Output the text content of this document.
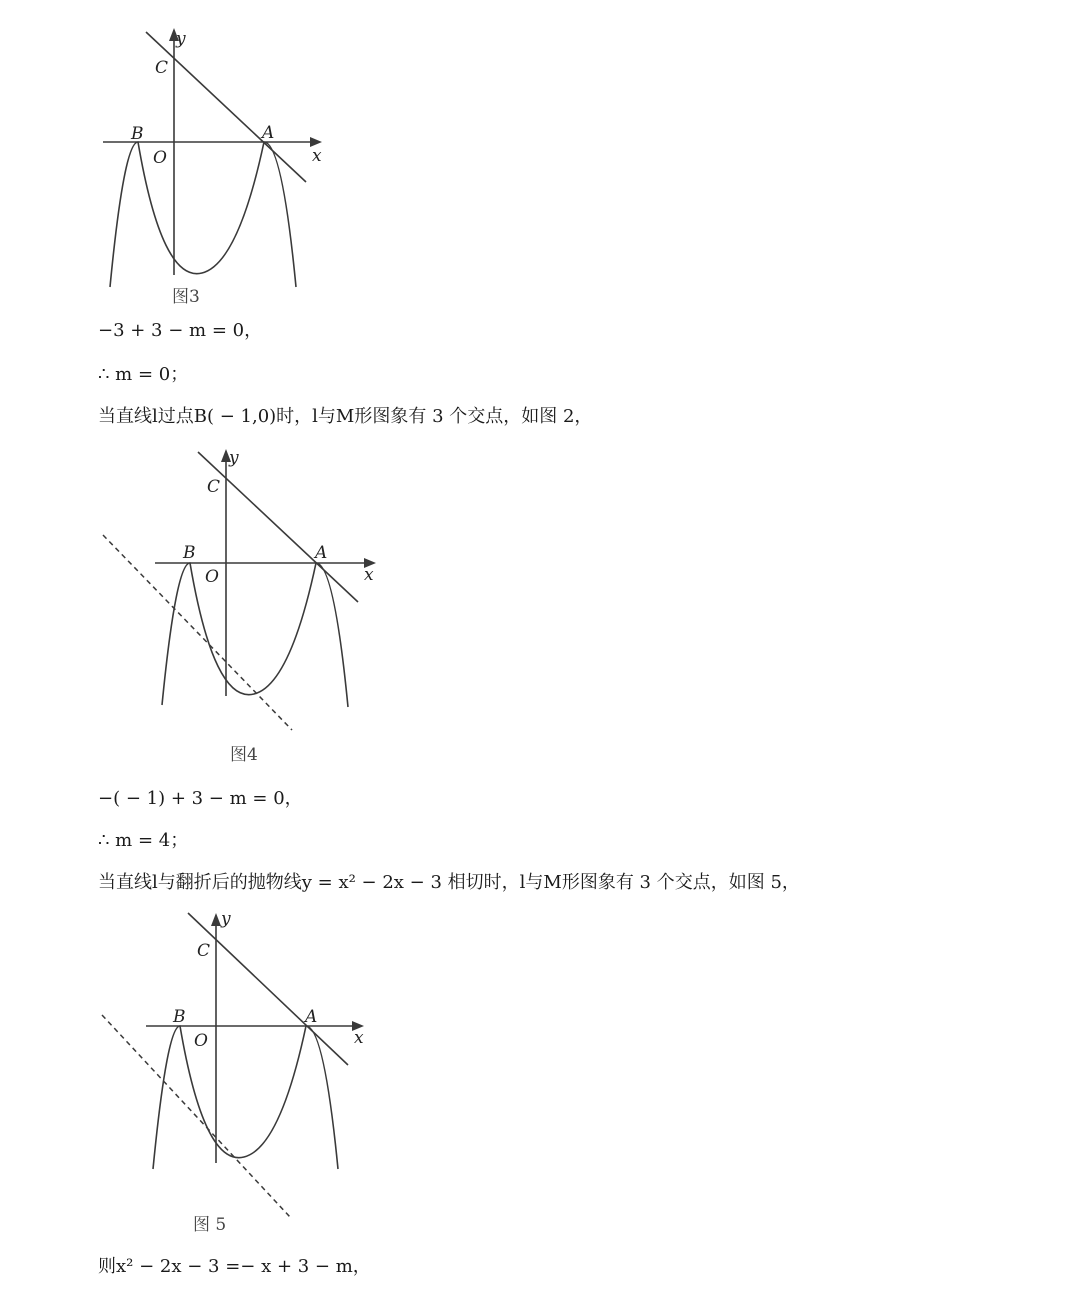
y
x
C
B
O
A
图3
−3 + 3 − m = 0，
∴ m = 0；
当直线l过点B( − 1,0)时，l与M形图象有 3 个交点，如图 2，
y
x
C
B
O
A
图4
−( − 1) + 3 − m = 0，
∴ m = 4；
当直线l与翻折后的抛物线y = x² − 2x − 3 相切时，l与M形图象有 3 个交点，如图 5，
y
x
C
B
O
A
图 5
则x² − 2x − 3 =− x + 3 − m，
